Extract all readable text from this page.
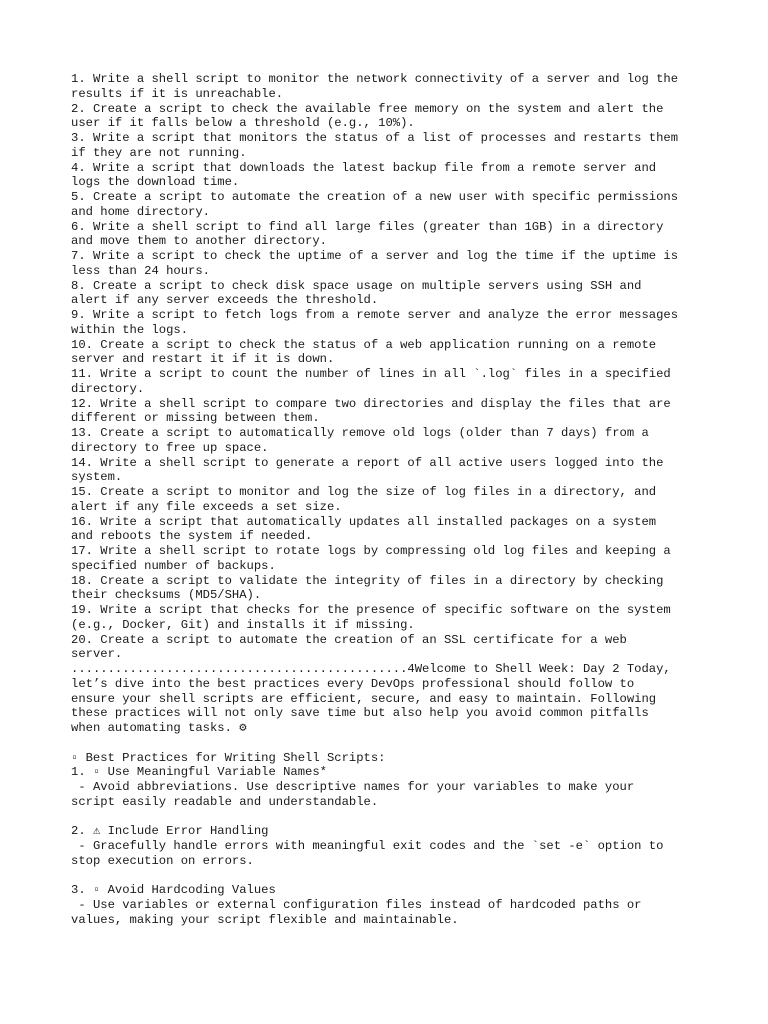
1. Write a shell script to monitor the network connectivity of a server and log the
results if it is unreachable.
2. Create a script to check the available free memory on the system and alert the
user if it falls below a threshold (e.g., 10%).
3. Write a script that monitors the status of a list of processes and restarts them
if they are not running.
4. Write a script that downloads the latest backup file from a remote server and
logs the download time.
5. Create a script to automate the creation of a new user with specific permissions
and home directory.
6. Write a shell script to find all large files (greater than 1GB) in a directory
and move them to another directory.
7. Write a script to check the uptime of a server and log the time if the uptime is
less than 24 hours.
8. Create a script to check disk space usage on multiple servers using SSH and
alert if any server exceeds the threshold.
9. Write a script to fetch logs from a remote server and analyze the error messages
within the logs.
10. Create a script to check the status of a web application running on a remote
server and restart it if it is down.
11. Write a script to count the number of lines in all `.log` files in a specified
directory.
12. Write a shell script to compare two directories and display the files that are
different or missing between them.
13. Create a script to automatically remove old logs (older than 7 days) from a
directory to free up space.
14. Write a shell script to generate a report of all active users logged into the
system.
15. Create a script to monitor and log the size of log files in a directory, and
alert if any file exceeds a set size.
16. Write a script that automatically updates all installed packages on a system
and reboots the system if needed.
17. Write a shell script to rotate logs by compressing old log files and keeping a
specified number of backups.
18. Create a script to validate the integrity of files in a directory by checking
their checksums (MD5/SHA).
19. Write a script that checks for the presence of specific software on the system
(e.g., Docker, Git) and installs it if missing.
20. Create a script to automate the creation of an SSL certificate for a web
server.
..............................................4Welcome to Shell Week: Day 2 Today,
let’s dive into the best practices every DevOps professional should follow to
ensure your shell scripts are efficient, secure, and easy to maintain. Following
these practices will not only save time but also help you avoid common pitfalls
when automating tasks. ⚙
▫ Best Practices for Writing Shell Scripts:
1. ▫ Use Meaningful Variable Names*
- Avoid abbreviations. Use descriptive names for your variables to make your
script easily readable and understandable.
2. ⚠ Include Error Handling
- Gracefully handle errors with meaningful exit codes and the `set -e` option to
stop execution on errors.
3. ▫ Avoid Hardcoding Values
- Use variables or external configuration files instead of hardcoded paths or
values, making your script flexible and maintainable.
